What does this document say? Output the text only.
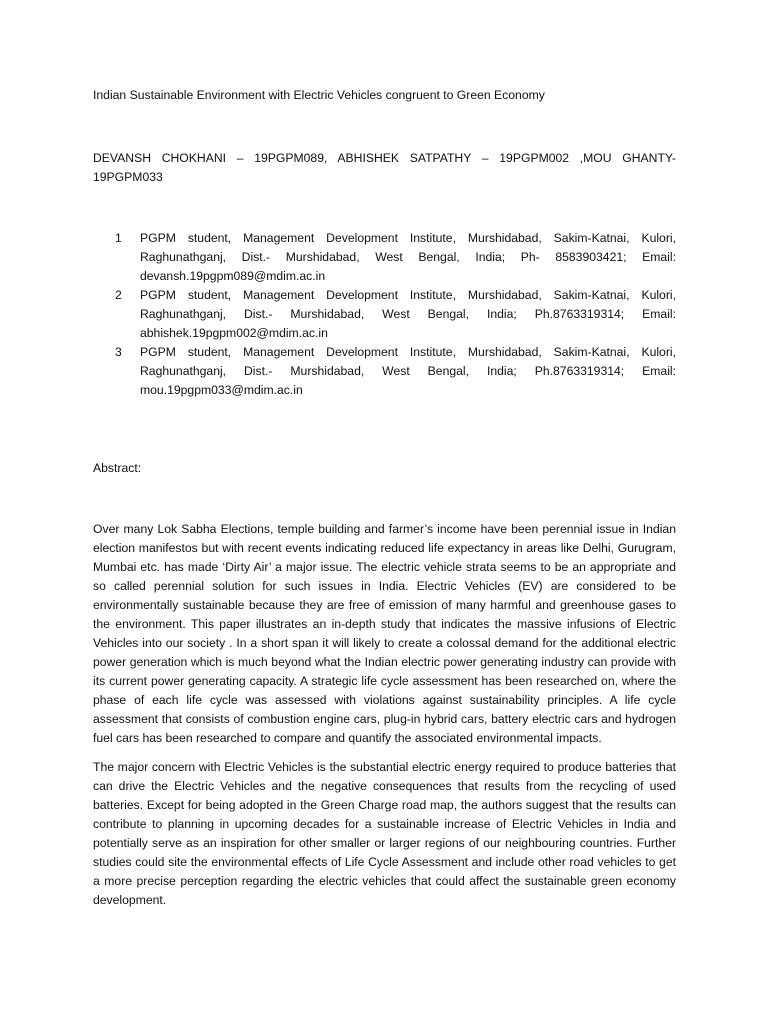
Indian Sustainable Environment with Electric Vehicles congruent to Green Economy
DEVANSH CHOKHANI – 19PGPM089, ABHISHEK SATPATHY – 19PGPM002 ,MOU GHANTY- 19PGPM033
1	PGPM student, Management Development Institute, Murshidabad, Sakim-Katnai, Kulori, Raghunathganj, Dist.- Murshidabad, West Bengal, India; Ph- 8583903421; Email: devansh.19pgpm089@mdim.ac.in
2	PGPM student, Management Development Institute, Murshidabad, Sakim-Katnai, Kulori, Raghunathganj, Dist.- Murshidabad, West Bengal, India; Ph.8763319314; Email: abhishek.19pgpm002@mdim.ac.in
3	PGPM student, Management Development Institute, Murshidabad, Sakim-Katnai, Kulori, Raghunathganj, Dist.- Murshidabad, West Bengal, India; Ph.8763319314; Email: mou.19pgpm033@mdim.ac.in
Abstract:

Over many Lok Sabha Elections, temple building and farmer’s income have been perennial issue in Indian election manifestos but with recent events indicating reduced life expectancy in areas like Delhi, Gurugram, Mumbai etc. has made ‘Dirty Air’ a major issue. The electric vehicle strata seems to be an appropriate and so called perennial solution for such issues in India. Electric Vehicles (EV) are considered to be environmentally sustainable because they are free of emission of many harmful and greenhouse gases to the environment. This paper illustrates an in-depth study that indicates the massive infusions of Electric Vehicles into our society . In a short span it will likely to create a colossal demand for the additional electric power generation which is much beyond what the Indian electric power generating industry can provide with its current power generating capacity. A strategic life cycle assessment has been researched on, where the phase of each life cycle was assessed with violations against sustainability principles. A life cycle assessment that consists of combustion engine cars, plug-in hybrid cars, battery electric cars and hydrogen fuel cars has been researched to compare and quantify the associated environmental impacts.

The major concern with Electric Vehicles is the substantial electric energy required to produce batteries that can drive the Electric Vehicles and the negative consequences that results from the recycling of used batteries. Except for being adopted in the Green Charge road map, the authors suggest that the results can contribute to planning in upcoming decades for a sustainable increase of Electric Vehicles in India and potentially serve as an inspiration for other smaller or larger regions of our neighbouring countries. Further studies could site the environmental effects of Life Cycle Assessment and include other road vehicles to get a more precise perception regarding the electric vehicles that could affect the sustainable green economy development.
